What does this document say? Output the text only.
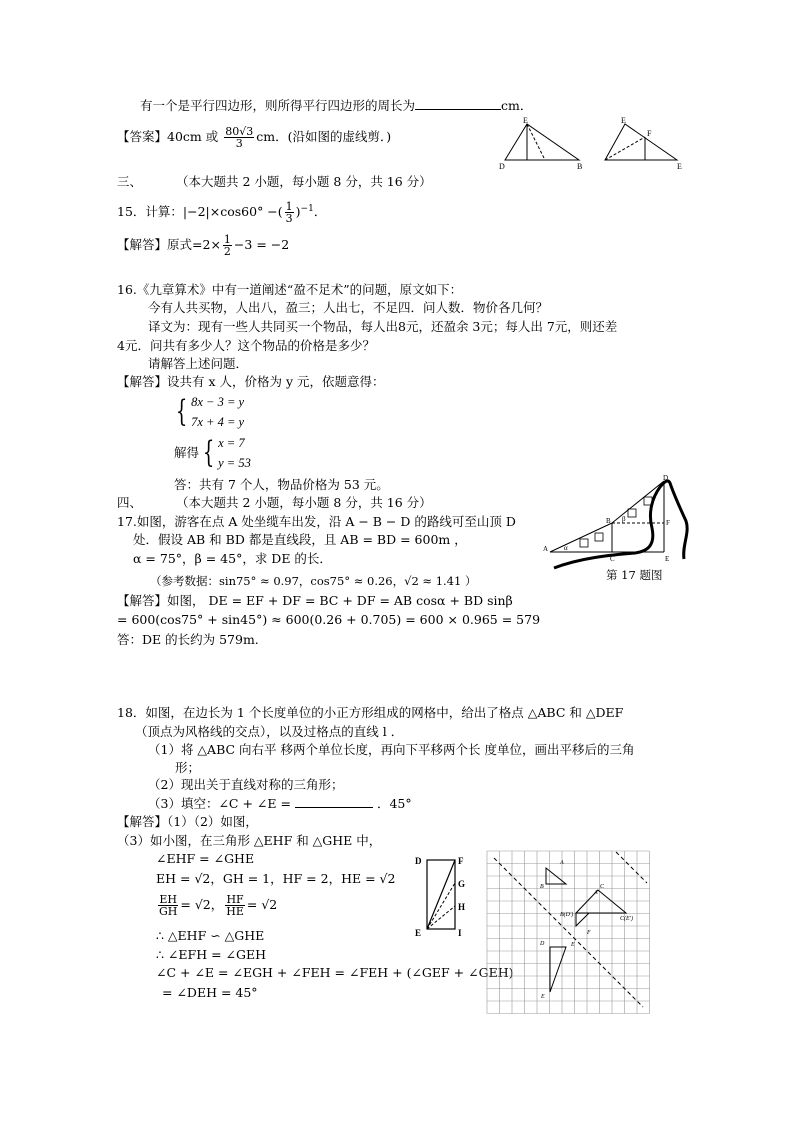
有一个是平行四边形，则所得平行四边形的周长为	cm．
【答案】40cm 或 $\frac{80√3}{3}$ cm．(沿如图的虚线剪．)
E
D	B
E
F
E
三、	（本大题共 2 小题，每小题 8 分，共 16 分）
15．计算：|−2|×cos60° −( $\frac{1}{3} )^{-1}$．
【解答】原式$=2\times \frac{1}{2} -3 = -2$
16.《九章算术》中有一道阐述“盈不足术”的问题，原文如下：
今有人共买物，人出八，盈三；人出七，不足四．问人数．物价各几何？
译文为：现有一些人共同买一个物品，每人出8元，还盈余 3元；每人出 7元，则还差
4元．问共有多少人？这个物品的价格是多少？
请解答上述问题．
【解答】设共有 x 人，价格为 y 元，依题意得：
{ 8x − 3 = y
7x + 4 = y
解得 { x = 7
y = 53
答：共有 7 个人，物品价格为 53 元。
四、	（本大题共 2 小题，每小题 8 分，共 16 分）
17.如图，游客在点 A 处坐缆车出发，沿 A − B − D 的路线可至山顶 D
处．假设 AB 和 BD 都是直线段，且 AB = BD = 600m ，
α = 75°，β = 45°，求 DE 的长．
（参考数据：sin75° ≈ 0.97，cos75° ≈ 0.26，√2 ≈ 1.41 ）
【解答】如图， DE = EF + DF = BC + DF = AB cosα + BD sinβ
= 600(cos75° + sin45°) ≈ 600(0.26 + 0.705) = 600 × 0.965 = 579
答：DE 的长约为 579m.
D
A
B
C	E
F
α
β
第 17 题图
18．如图，在边长为 1 个长度单位的小正方形组成的网格中，给出了格点 △ABC 和 △DEF
（顶点为风格线的交点），以及过格点的直线 l ．
（1）将 △ABC 向右平 移两个单位长度，再向下平移两个长 度单位，画出平移后的三角
形；
（2）现出关于直线对称的三角形；
（3）填空：∠C + ∠E =	．45°
【解答】（1）（2）如图，
（3）如小图，在三角形 △EHF 和 △GHE 中，
∠EHF = ∠GHE
EH = √2，GH = 1，HF = 2，HE = √2
$\frac{EH}{GH} = √2$， $\frac{HF}{HE} = √2$
∴ △EHF ∽ △GHE
∴ ∠EFH = ∠GEH
∠C + ∠E = ∠EGH + ∠FEH = ∠FEH + (∠GEF + ∠GEH)
= ∠DEH = 45°
D	F
G
H
E	I
A
B	C
A'
B(D')
C(E')
F
E
D
E
